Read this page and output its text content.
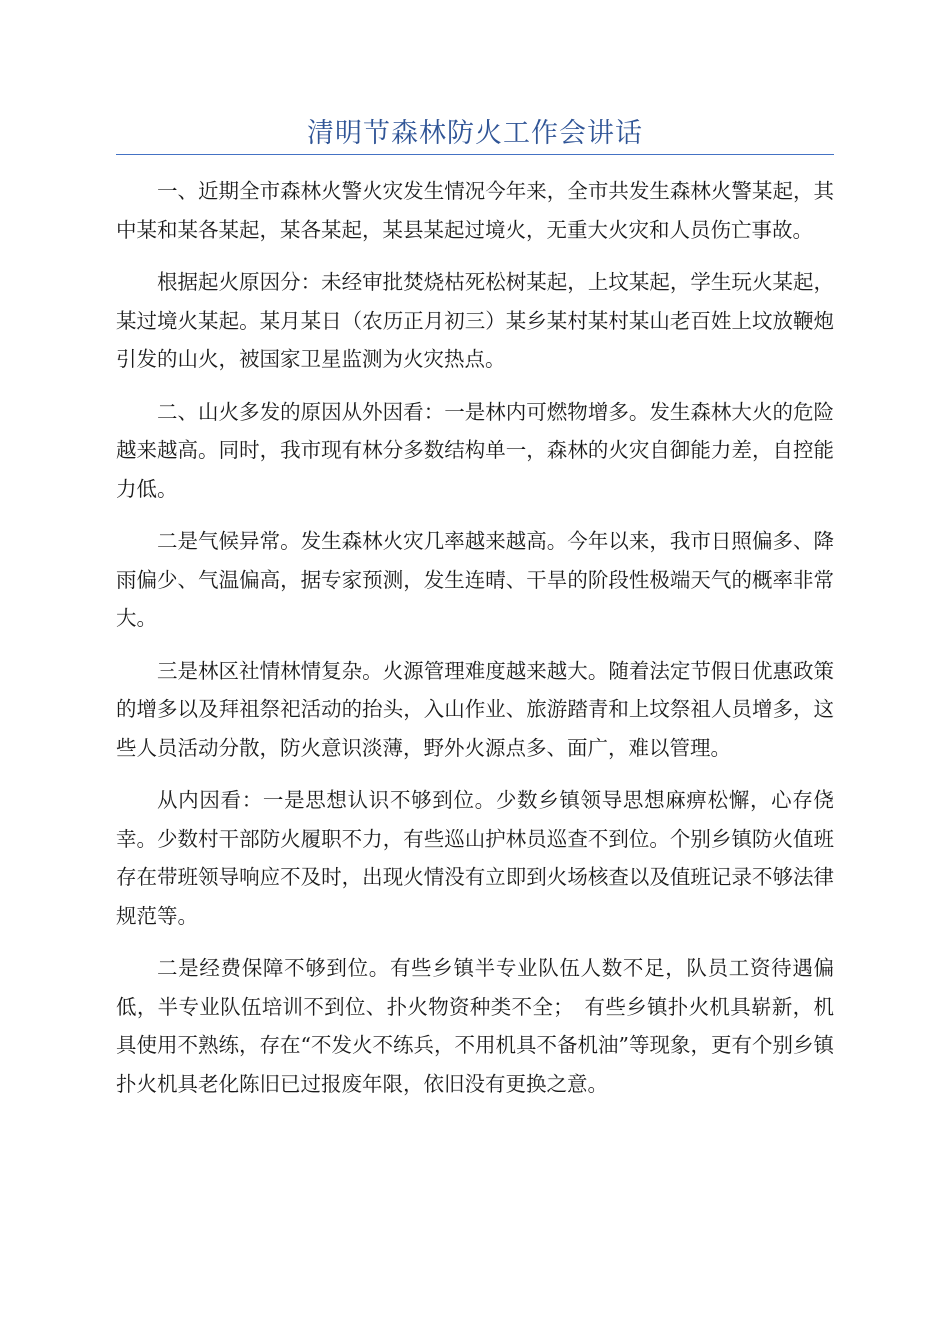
清明节森林防火工作会讲话

一、近期全市森林火警火灾发生情况今年来，全市共发生森林火警某起，其中某和某各某起，某各某起，某县某起过境火，无重大火灾和人员伤亡事故。

根据起火原因分：未经审批焚烧枯死松树某起，上坟某起，学生玩火某起，某过境火某起。某月某日（农历正月初三）某乡某村某村某山老百姓上坟放鞭炮引发的山火，被国家卫星监测为火灾热点。

二、山火多发的原因从外因看：一是林内可燃物增多。发生森林大火的危险越来越高。同时，我市现有林分多数结构单一，森林的火灾自御能力差，自控能力低。

二是气候异常。发生森林火灾几率越来越高。今年以来，我市日照偏多、降雨偏少、气温偏高，据专家预测，发生连晴、干旱的阶段性极端天气的概率非常大。

三是林区社情林情复杂。火源管理难度越来越大。随着法定节假日优惠政策的增多以及拜祖祭祀活动的抬头，入山作业、旅游踏青和上坟祭祖人员增多，这些人员活动分散，防火意识淡薄，野外火源点多、面广，难以管理。

从内因看：一是思想认识不够到位。少数乡镇领导思想麻痹松懈，心存侥幸。少数村干部防火履职不力，有些巡山护林员巡查不到位。个别乡镇防火值班存在带班领导响应不及时，出现火情没有立即到火场核查以及值班记录不够法律规范等。

二是经费保障不够到位。有些乡镇半专业队伍人数不足，队员工资待遇偏低，半专业队伍培训不到位、扑火物资种类不全；　有些乡镇扑火机具崭新，机具使用不熟练，存在“不发火不练兵，不用机具不备机油”等现象，更有个别乡镇扑火机具老化陈旧已过报废年限，依旧没有更换之意。
